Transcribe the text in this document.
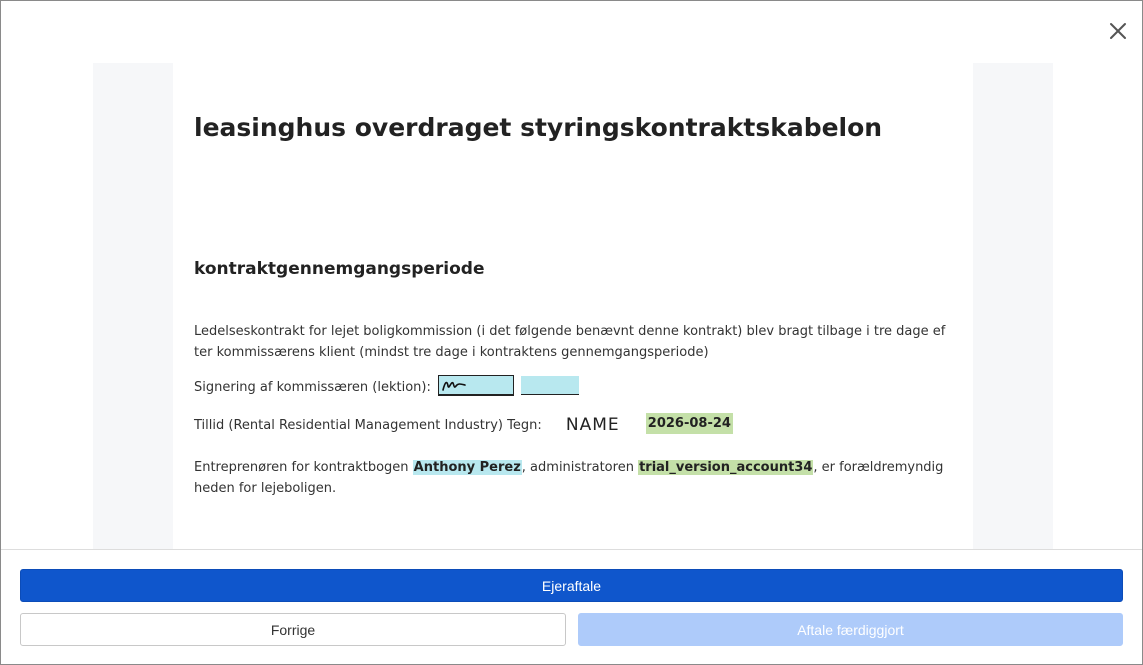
leasinghus overdraget styringskontraktskabelon
kontraktgennemgangsperiode

Ledelseskontrakt for lejet boligkommission (i det følgende benævnt denne kontrakt) blev bragt tilbage i tre dage efter kommissærens klient (mindst tre dage i kontraktens gennemgangsperiode)

Signering af kommissæren (lektion):

Tillid (Rental Residential Management Industry) Tegn: NAME 2026-08-24

Entreprenøren for kontraktbogen Anthony Perez, administratoren trial_version_account34, er forældremyndigheden for lejeboligen.

Ejeraftale
Forrige	Aftale færdiggjort
